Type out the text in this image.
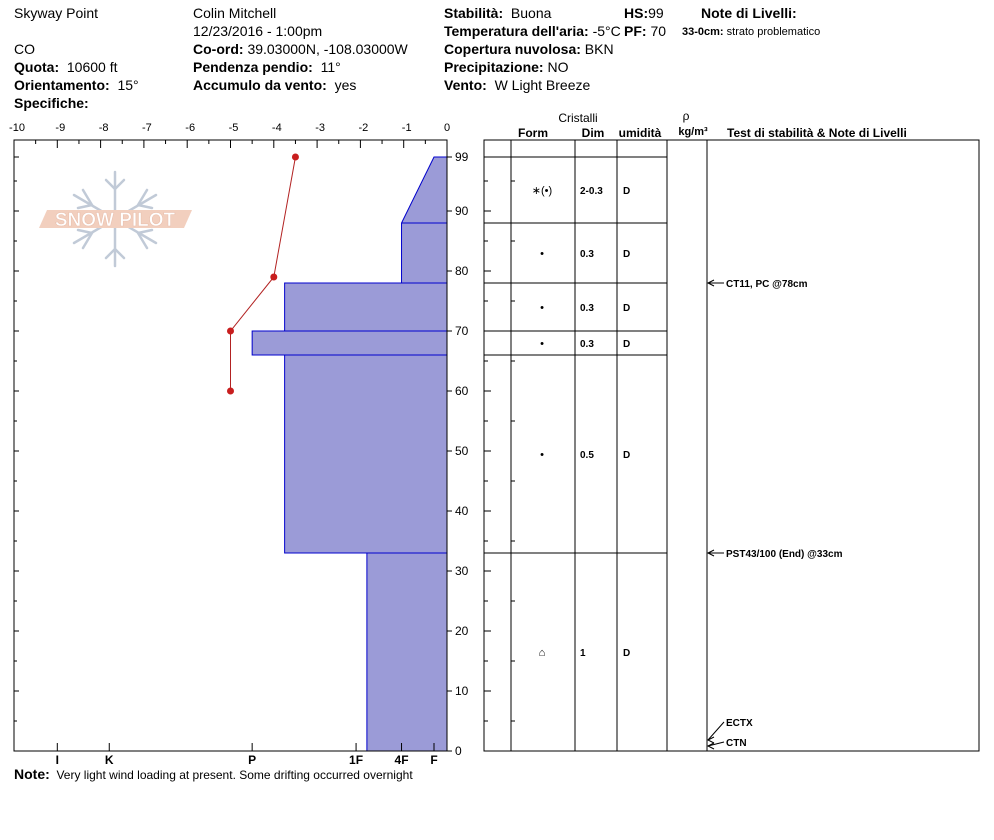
Skyway Point
CO
Quota: 10600 ft
Orientamento: 15°
Specifiche:
Colin Mitchell
12/23/2016 - 1:00pm
Co-ord: 39.03000N, -108.03000W
Pendenza pendio: 11°
Accumulo da vento: yes
Stabilità: Buona
Temperatura dell'aria: -5°C
Copertura nuvolosa: BKN
Precipitazione: NO
Vento: W Light Breeze
HS:99
PF: 70
Note di Livelli:
33-0cm: strato problematico
SNOW PILOT
-10	-9	-8	-7	-6	-5	-4	-3	-2	-1	0
0
10
20
30
40
50
60
70
80
90
99
I	K	P	1F	4F F
Cristalli
Form	Dim umidità
ρ
kg/m³ Test di stabilità & Note di Livelli
∗(•)	2-0.3 D
•	0.3	D
•	0.3	D
•	0.3	D
•	0.5	D
⌂	1	D
CT11, PC @78cm
PST43/100 (End) @33cm
ECTX
CTN
Note: Very light wind loading at present. Some drifting occurred overnight
